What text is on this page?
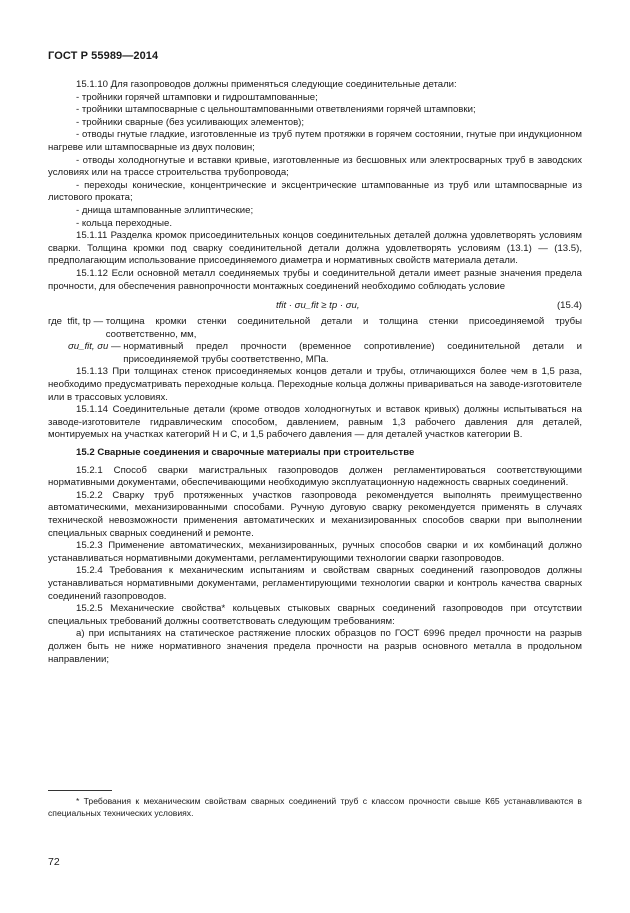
ГОСТ Р 55989—2014

15.1.10 Для газопроводов должны применяться следующие соединительные детали:

- тройники горячей штамповки и гидроштампованные;

- тройники штампосварные с цельноштампованными ответвлениями горячей штамповки;

- тройники сварные (без усиливающих элементов);

- отводы гнутые гладкие, изготовленные из труб путем протяжки в горячем состоянии, гнутые при индукционном нагреве или штампосварные из двух половин;

- отводы холодногнутые и вставки кривые, изготовленные из бесшовных или электросварных труб в заводских условиях или на трассе строительства трубопровода;

- переходы конические, концентрические и эксцентрические штампованные из труб или штампосварные из листового проката;

- днища штампованные эллиптические;

- кольца переходные.

15.1.11 Разделка кромок присоединительных концов соединительных деталей должна удовлетворять условиям сварки. Толщина кромки под сварку соединительной детали должна удовлетворять условиям (13.1) — (13.5), предполагающим использование присоединяемого диаметра и нормативных свойств материала детали.

15.1.12 Если основной металл соединяемых трубы и соединительной детали имеет разные значения предела прочности, для обеспечения равнопрочности монтажных соединений необходимо соблюдать условие

tfit · σu_fit ≥ tp · σu,	(15.4)
где  tfit, tp — толщина кромки стенки соединительной детали и толщина стенки присоединяемой трубы соответственно, мм,
σu_fit, σu — нормативный предел прочности (временное сопротивление) соединительной детали и присоединяемой трубы соответственно, МПа.

15.1.13 При толщинах стенок присоединяемых концов детали и трубы, отличающихся более чем в 1,5 раза, необходимо предусматривать переходные кольца. Переходные кольца должны привариваться на заводе-изготовителе или в трассовых условиях.

15.1.14 Соединительные детали (кроме отводов холодногнутых и вставок кривых) должны испытываться на заводе-изготовителе гидравлическим способом, давлением, равным 1,3 рабочего давления для деталей, монтируемых на участках категорий Н и С, и 1,5 рабочего давления — для деталей участков категории В.

15.2 Сварные соединения и сварочные материалы при строительстве

15.2.1 Способ сварки магистральных газопроводов должен регламентироваться соответствующими нормативными документами, обеспечивающими необходимую эксплуатационную надежность сварных соединений.

15.2.2 Сварку труб протяженных участков газопровода рекомендуется выполнять преимущественно автоматическими, механизированными способами. Ручную дуговую сварку рекомендуется применять в случаях технической невозможности применения автоматических и механизированных способов сварки при выполнении специальных сварных соединений и ремонте.

15.2.3 Применение автоматических, механизированных, ручных способов сварки и их комбинаций должно устанавливаться нормативными документами, регламентирующими технологии сварки газопроводов.

15.2.4 Требования к механическим испытаниям и свойствам сварных соединений газопроводов должны устанавливаться нормативными документами, регламентирующими технологии сварки и контроль качества сварных соединений газопроводов.

15.2.5 Механические свойства* кольцевых стыковых сварных соединений газопроводов при отсутствии специальных требований должны соответствовать следующим требованиям:

а) при испытаниях на статическое растяжение плоских образцов по ГОСТ 6996 предел прочности на разрыв должен быть не ниже нормативного значения предела прочности на разрыв основного металла в продольном направлении;

* Требования к механическим свойствам сварных соединений труб с классом прочности свыше К65 устанавливаются в специальных технических условиях.

72
